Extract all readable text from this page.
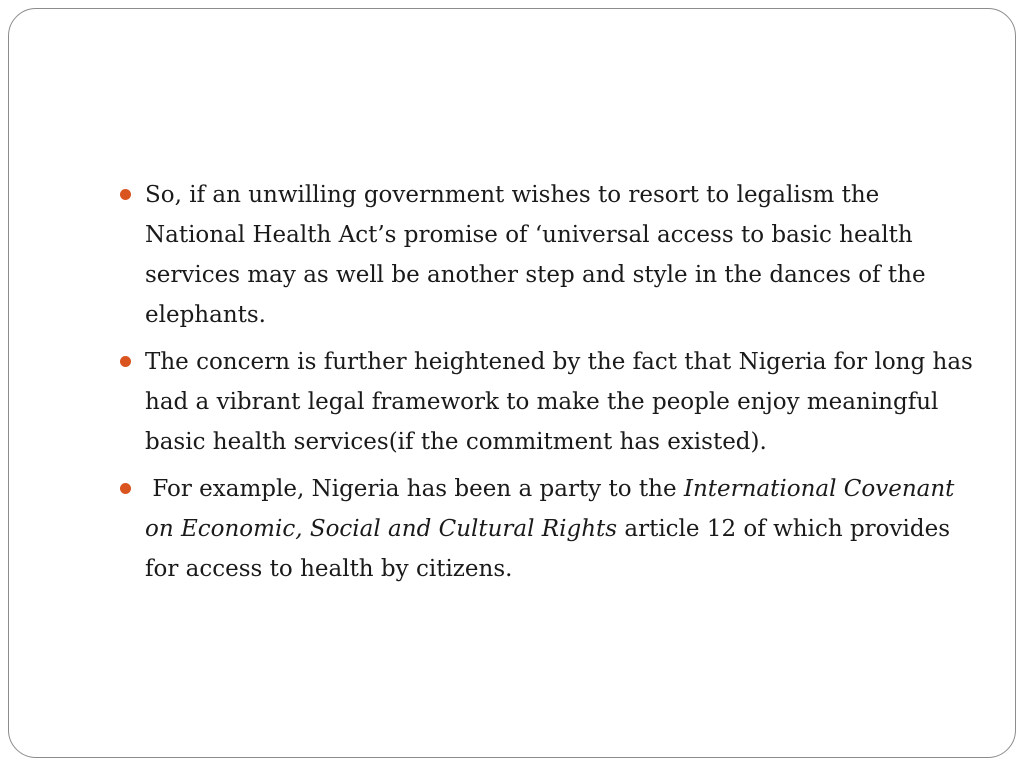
So, if an unwilling government wishes to resort to legalism the National Health Act’s promise of ‘universal access to basic health services may as well be another step and style in the dances of the elephants.
The concern is further heightened by the fact that Nigeria for long has had a vibrant legal framework to make the people enjoy meaningful basic health services(if the commitment has existed).
For example, Nigeria has been a party to the International Covenant on Economic, Social and Cultural Rights article 12 of which provides for access to health by citizens.
